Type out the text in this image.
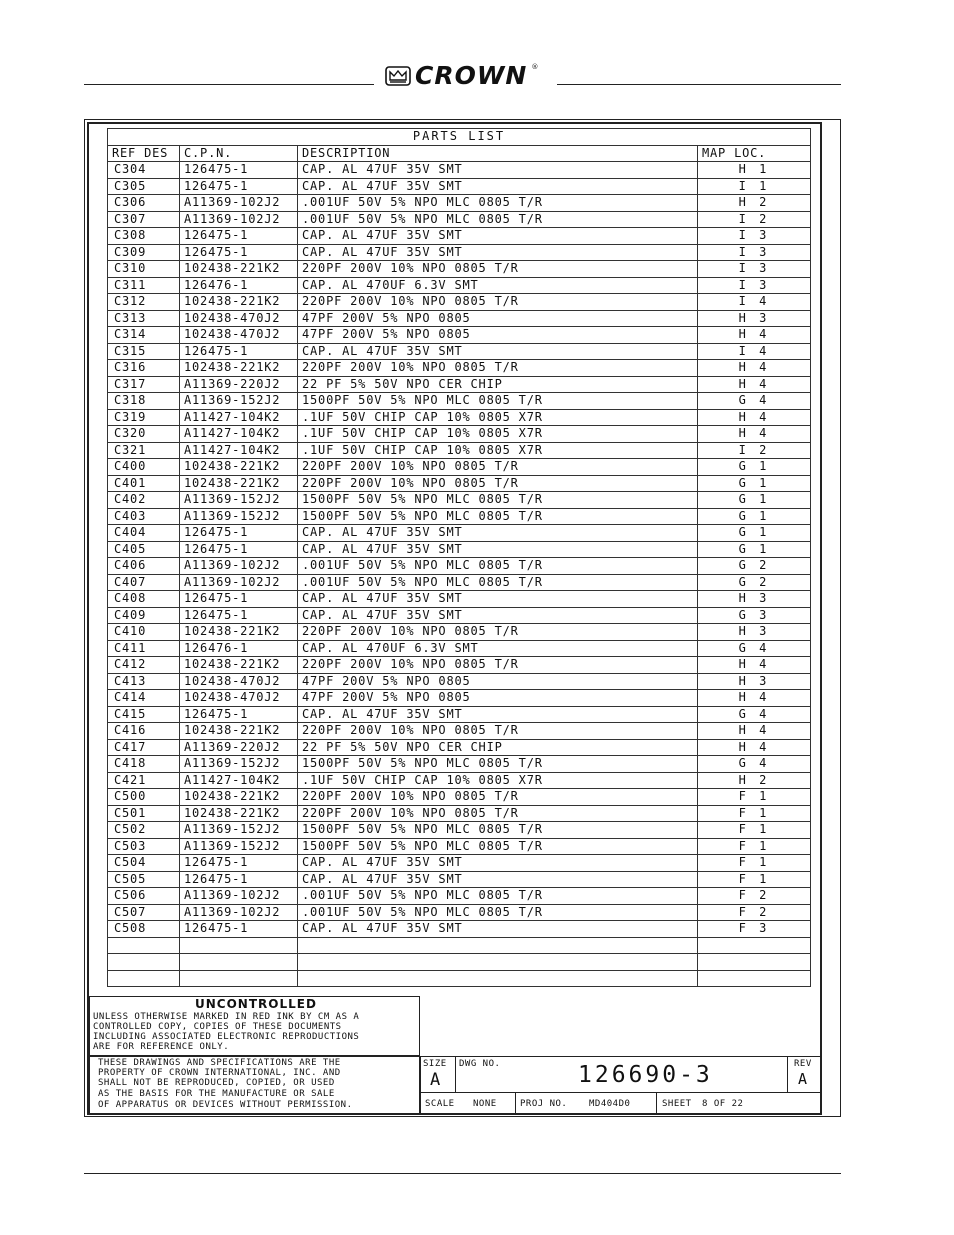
CROWN ®
PARTS LIST			
REF DES	C.P.N.	DESCRIPTION	MAP LOC.
C304	126475-1	CAP. AL 47UF 35V SMT	H 1
C305	126475-1	CAP. AL 47UF 35V SMT	I 1
C306	A11369-102J2	.001UF 50V 5% NPO MLC 0805 T/R	H 2
C307	A11369-102J2	.001UF 50V 5% NPO MLC 0805 T/R	I 2
C308	126475-1	CAP. AL 47UF 35V SMT	I 3
C309	126475-1	CAP. AL 47UF 35V SMT	I 3
C310	102438-221K2	220PF 200V 10% NPO 0805 T/R	I 3
C311	126476-1	CAP. AL 470UF 6.3V SMT	I 3
C312	102438-221K2	220PF 200V 10% NPO 0805 T/R	I 4
C313	102438-470J2	47PF 200V 5% NPO 0805	H 3
C314	102438-470J2	47PF 200V 5% NPO 0805	H 4
C315	126475-1	CAP. AL 47UF 35V SMT	I 4
C316	102438-221K2	220PF 200V 10% NPO 0805 T/R	H 4
C317	A11369-220J2	22 PF 5% 50V NPO CER CHIP	H 4
C318	A11369-152J2	1500PF 50V 5% NPO MLC 0805 T/R	G 4
C319	A11427-104K2	.1UF 50V CHIP CAP 10% 0805 X7R	H 4
C320	A11427-104K2	.1UF 50V CHIP CAP 10% 0805 X7R	H 4
C321	A11427-104K2	.1UF 50V CHIP CAP 10% 0805 X7R	I 2
C400	102438-221K2	220PF 200V 10% NPO 0805 T/R	G 1
C401	102438-221K2	220PF 200V 10% NPO 0805 T/R	G 1
C402	A11369-152J2	1500PF 50V 5% NPO MLC 0805 T/R	G 1
C403	A11369-152J2	1500PF 50V 5% NPO MLC 0805 T/R	G 1
C404	126475-1	CAP. AL 47UF 35V SMT	G 1
C405	126475-1	CAP. AL 47UF 35V SMT	G 1
C406	A11369-102J2	.001UF 50V 5% NPO MLC 0805 T/R	G 2
C407	A11369-102J2	.001UF 50V 5% NPO MLC 0805 T/R	G 2
C408	126475-1	CAP. AL 47UF 35V SMT	H 3
C409	126475-1	CAP. AL 47UF 35V SMT	G 3
C410	102438-221K2	220PF 200V 10% NPO 0805 T/R	H 3
C411	126476-1	CAP. AL 470UF 6.3V SMT	G 4
C412	102438-221K2	220PF 200V 10% NPO 0805 T/R	H 4
C413	102438-470J2	47PF 200V 5% NPO 0805	H 3
C414	102438-470J2	47PF 200V 5% NPO 0805	H 4
C415	126475-1	CAP. AL 47UF 35V SMT	G 4
C416	102438-221K2	220PF 200V 10% NPO 0805 T/R	H 4
C417	A11369-220J2	22 PF 5% 50V NPO CER CHIP	H 4
C418	A11369-152J2	1500PF 50V 5% NPO MLC 0805 T/R	G 4
C421	A11427-104K2	.1UF 50V CHIP CAP 10% 0805 X7R	H 2
C500	102438-221K2	220PF 200V 10% NPO 0805 T/R	F 1
C501	102438-221K2	220PF 200V 10% NPO 0805 T/R	F 1
C502	A11369-152J2	1500PF 50V 5% NPO MLC 0805 T/R	F 1
C503	A11369-152J2	1500PF 50V 5% NPO MLC 0805 T/R	F 1
C504	126475-1	CAP. AL 47UF 35V SMT	F 1
C505	126475-1	CAP. AL 47UF 35V SMT	F 1
C506	A11369-102J2	.001UF 50V 5% NPO MLC 0805 T/R	F 2
C507	A11369-102J2	.001UF 50V 5% NPO MLC 0805 T/R	F 2
C508	126475-1	CAP. AL 47UF 35V SMT	F 3

UNCONTROLLED
UNLESS OTHERWISE MARKED IN RED INK BY CM AS A
CONTROLLED COPY, COPIES OF THESE DOCUMENTS
INCLUDING ASSOCIATED ELECTRONIC REPRODUCTIONS
ARE FOR REFERENCE ONLY.
THESE DRAWINGS AND SPECIFICATIONS ARE THE
PROPERTY OF CROWN INTERNATIONAL, INC. AND
SHALL NOT BE REPRODUCED, COPIED, OR USED
AS THE BASIS FOR THE MANUFACTURE OR SALE
OF APPARATUS OR DEVICES WITHOUT PERMISSION.
SIZE
A
DWG NO.	126690-3	REV
A
SCALE NONE	PROJ NO. MD404D0	SHEET 8 OF 22
